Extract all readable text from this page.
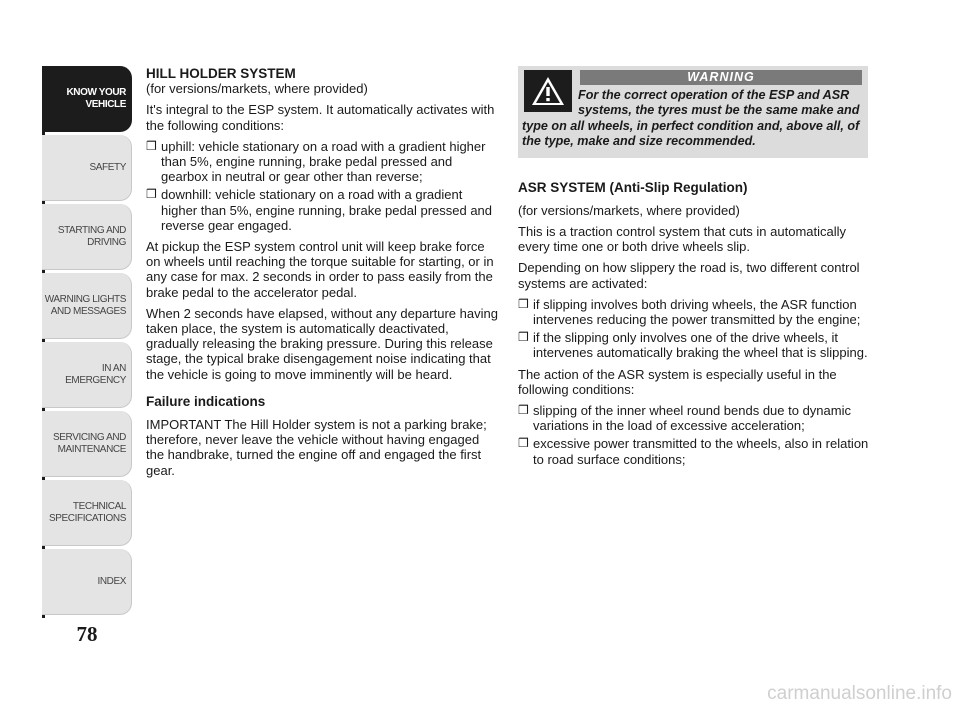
KNOW YOUR
VEHICLE
SAFETY
STARTING AND
DRIVING
WARNING LIGHTS
AND MESSAGES
IN AN EMERGENCY
SERVICING AND
MAINTENANCE
TECHNICAL
SPECIFICATIONS
INDEX
78

HILL HOLDER SYSTEM

(for versions/markets, where provided)

It's integral to the ESP system. It automatically activates with the following conditions:

❒ uphill: vehicle stationary on a road with a gradient higher than 5%, engine running, brake pedal pressed and gearbox in neutral or gear other than reverse;
❒ downhill: vehicle stationary on a road with a gradient higher than 5%, engine running, brake pedal pressed and reverse gear engaged.

At pickup the ESP system control unit will keep brake force on wheels until reaching the torque suitable for starting, or in any case for max. 2 seconds in order to pass easily from the brake pedal to the accelerator pedal.

When 2 seconds have elapsed, without any departure having taken place, the system is automatically deactivated, gradually releasing the braking pressure. During this release stage, the typical brake disengagement noise indicating that the vehicle is going to move imminently will be heard.

Failure indications

IMPORTANT The Hill Holder system is not a parking brake; therefore, never leave the vehicle without having engaged the handbrake, turned the engine off and engaged the first gear.

WARNING
For the correct operation of the ESP and ASR systems, the tyres must be the same make and type on all wheels, in perfect condition and, above all, of the type, make and size recommended.

ASR SYSTEM (Anti-Slip Regulation)

(for versions/markets, where provided)

This is a traction control system that cuts in automatically every time one or both drive wheels slip.

Depending on how slippery the road is, two different control systems are activated:

❒ if slipping involves both driving wheels, the ASR function intervenes reducing the power transmitted by the engine;
❒ if the slipping only involves one of the drive wheels, it intervenes automatically braking the wheel that is slipping.

The action of the ASR system is especially useful in the following conditions:

❒ slipping of the inner wheel round bends due to dynamic variations in the load of excessive acceleration;
❒ excessive power transmitted to the wheels, also in relation to road surface conditions;
carmanualsonline.info
